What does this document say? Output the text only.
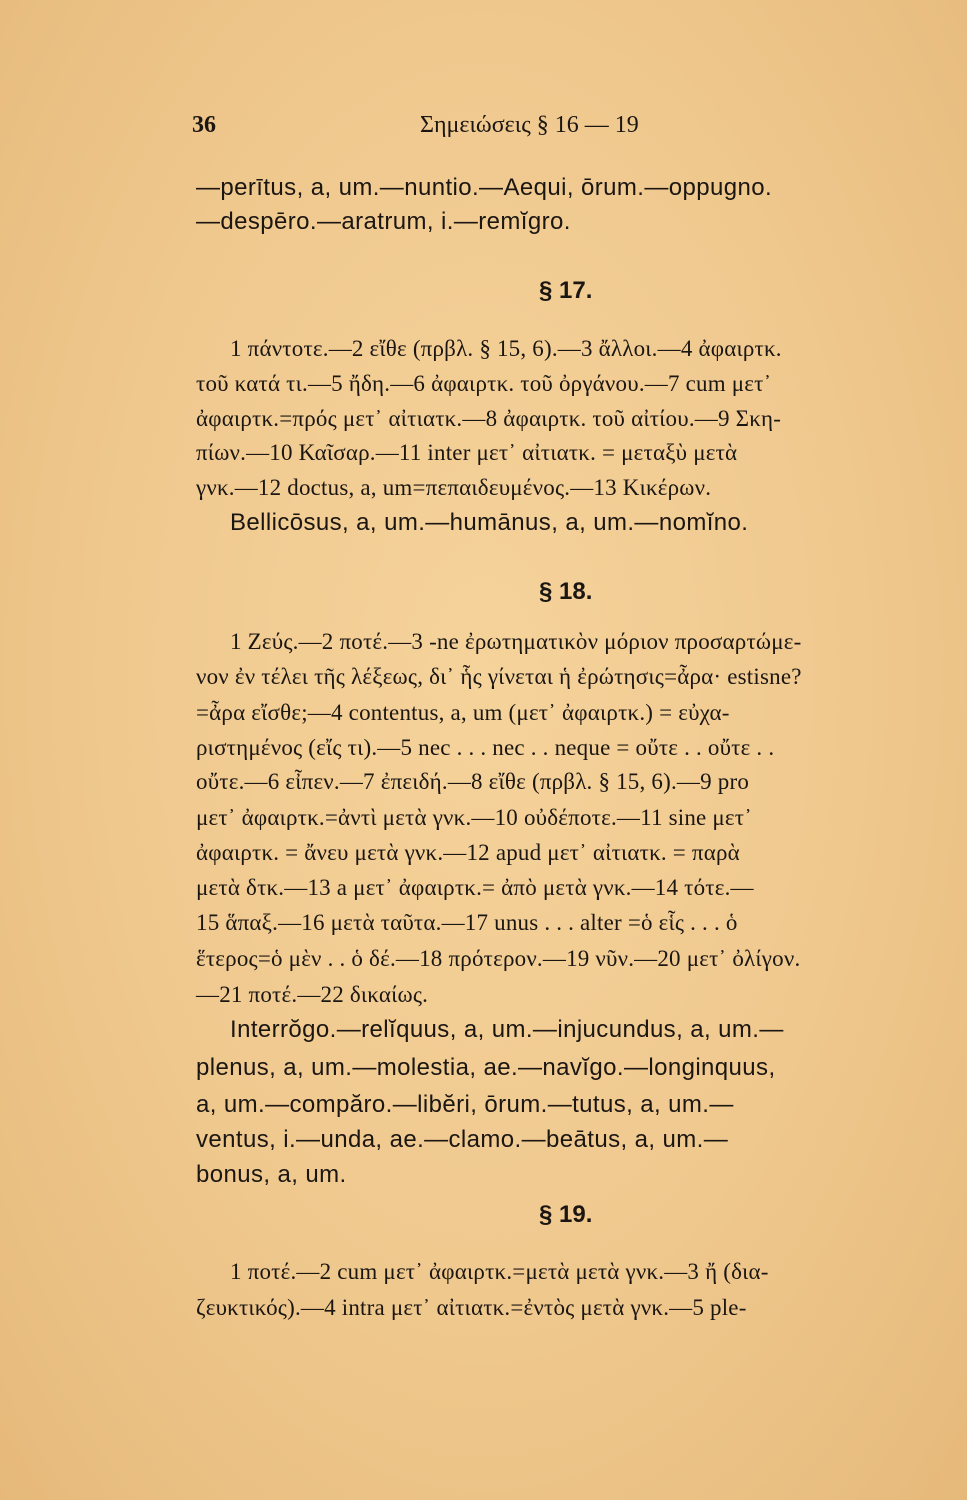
36	Σημειώσεις § 16 — 19
—perītus, a, um.—nuntio.—Aequi, ōrum.—oppugno.
—despēro.—aratrum, i.—remĭgro.
§ 17.
1 πάντοτε.—2 εἴθε (πρβλ. § 15, 6).—3 ἄλλοι.—4 ἀφαιρτκ.
τοῦ κατά τι.—5 ἤδη.—6 ἀφαιρτκ. τοῦ ὀργάνου.—7 cum μετ᾽
ἀφαιρτκ.=πρός μετ᾽ αἰτιατκ.—8 ἀφαιρτκ. τοῦ αἰτίου.—9 Σκη-
πίων.—10 Καῖσαρ.—11 inter μετ᾽ αἰτιατκ. = μεταξὺ μετὰ
γνκ.—12 doctus, a, um=πεπαιδευμένος.—13 Κικέρων.
Bellicōsus, a, um.—humānus, a, um.—nomĭno.
§ 18.
1 Ζεύς.—2 ποτέ.—3 -ne ἐρωτηματικὸν μόριον προσαρτώμε-
νον ἐν τέλει τῆς λέξεως, δι᾽ ἧς γίνεται ἡ ἐρώτησις=ἆρα· estisne?
=ἆρα εἴσθε;—4 contentus, a, um (μετ᾽ ἀφαιρτκ.) = εὐχα-
ριστημένος (εἴς τι).—5 nec . . . nec . . neque = οὔτε . . οὔτε . .
οὔτε.—6 εἶπεν.—7 ἐπειδή.—8 εἴθε (πρβλ. § 15, 6).—9 pro
μετ᾽ ἀφαιρτκ.=ἀντὶ μετὰ γνκ.—10 οὐδέποτε.—11 sine μετ᾽
ἀφαιρτκ. = ἄνευ μετὰ γνκ.—12 apud μετ᾽ αἰτιατκ. = παρὰ
μετὰ δτκ.—13 a μετ᾽ ἀφαιρτκ.= ἀπὸ μετὰ γνκ.—14 τότε.—
15 ἅπαξ.—16 μετὰ ταῦτα.—17 unus . . . alter =ὁ εἷς . . . ὁ
ἕτερος=ὁ μὲν . . ὁ δέ.—18 πρότερον.—19 νῦν.—20 μετ᾽ ὀλίγον.
—21 ποτέ.—22 δικαίως.
Interrŏgo.—relĭquus, a, um.—injucundus, a, um.—
plenus, a, um.—molestia, ae.—navĭgo.—longinquus,
a, um.—compăro.—libĕri, ōrum.—tutus, a, um.—
ventus, i.—unda, ae.—clamo.—beātus, a, um.—
bonus, a, um.
§ 19.
1 ποτέ.—2 cum μετ᾽ ἀφαιρτκ.=μετὰ μετὰ γνκ.—3 ἤ (δια-
ζευκτικός).—4 intra μετ᾽ αἰτιατκ.=ἐντὸς μετὰ γνκ.—5 ple-
